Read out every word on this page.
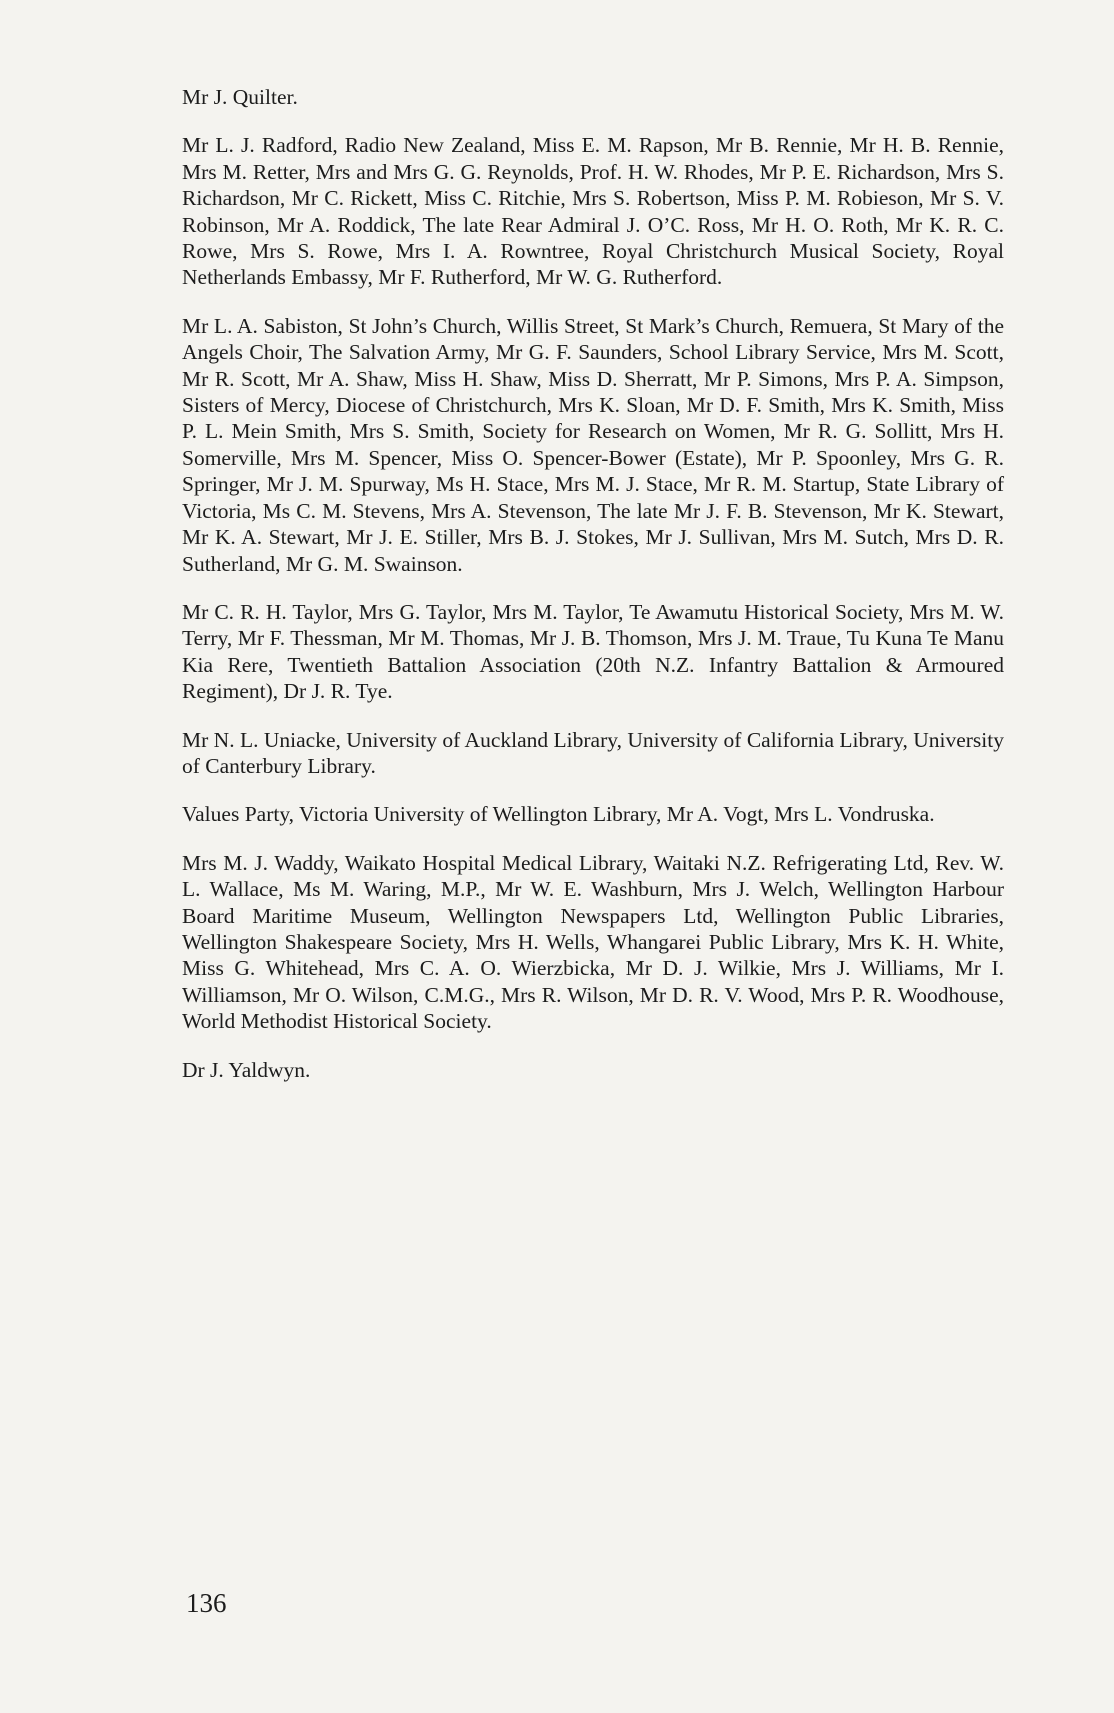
Mr J. Quilter.

Mr L. J. Radford, Radio New Zealand, Miss E. M. Rapson, Mr B. Rennie, Mr H. B. Rennie, Mrs M. Retter, Mrs and Mrs G. G. Reynolds, Prof. H. W. Rhodes, Mr P. E. Richardson, Mrs S. Richardson, Mr C. Rickett, Miss C. Ritchie, Mrs S. Robertson, Miss P. M. Robieson, Mr S. V. Robinson, Mr A. Roddick, The late Rear Admiral J. O’C. Ross, Mr H. O. Roth, Mr K. R. C. Rowe, Mrs S. Rowe, Mrs I. A. Rowntree, Royal Christchurch Musical Society, Royal Netherlands Embassy, Mr F. Rutherford, Mr W. G. Rutherford.

Mr L. A. Sabiston, St John’s Church, Willis Street, St Mark’s Church, Remuera, St Mary of the Angels Choir, The Salvation Army, Mr G. F. Saunders, School Library Service, Mrs M. Scott, Mr R. Scott, Mr A. Shaw, Miss H. Shaw, Miss D. Sherratt, Mr P. Simons, Mrs P. A. Simpson, Sisters of Mercy, Diocese of Christchurch, Mrs K. Sloan, Mr D. F. Smith, Mrs K. Smith, Miss P. L. Mein Smith, Mrs S. Smith, Society for Research on Women, Mr R. G. Sollitt, Mrs H. Somerville, Mrs M. Spencer, Miss O. Spencer-Bower (Estate), Mr P. Spoonley, Mrs G. R. Springer, Mr J. M. Spurway, Ms H. Stace, Mrs M. J. Stace, Mr R. M. Startup, State Library of Victoria, Ms C. M. Stevens, Mrs A. Stevenson, The late Mr J. F. B. Stevenson, Mr K. Stewart, Mr K. A. Stewart, Mr J. E. Stiller, Mrs B. J. Stokes, Mr J. Sullivan, Mrs M. Sutch, Mrs D. R. Sutherland, Mr G. M. Swainson.

Mr C. R. H. Taylor, Mrs G. Taylor, Mrs M. Taylor, Te Awamutu Historical Society, Mrs M. W. Terry, Mr F. Thessman, Mr M. Thomas, Mr J. B. Thomson, Mrs J. M. Traue, Tu Kuna Te Manu Kia Rere, Twentieth Battalion Association (20th N.Z. Infantry Battalion & Armoured Regiment), Dr J. R. Tye.

Mr N. L. Uniacke, University of Auckland Library, University of California Library, University of Canterbury Library.

Values Party, Victoria University of Wellington Library, Mr A. Vogt, Mrs L. Vondruska.

Mrs M. J. Waddy, Waikato Hospital Medical Library, Waitaki N.Z. Refrigerating Ltd, Rev. W. L. Wallace, Ms M. Waring, M.P., Mr W. E. Washburn, Mrs J. Welch, Wellington Harbour Board Maritime Museum, Wellington Newspapers Ltd, Wellington Public Libraries, Wellington Shakespeare Society, Mrs H. Wells, Whangarei Public Library, Mrs K. H. White, Miss G. Whitehead, Mrs C. A. O. Wierzbicka, Mr D. J. Wilkie, Mrs J. Williams, Mr I. Williamson, Mr O. Wilson, C.M.G., Mrs R. Wilson, Mr D. R. V. Wood, Mrs P. R. Woodhouse, World Methodist Historical Society.

Dr J. Yaldwyn.

136
